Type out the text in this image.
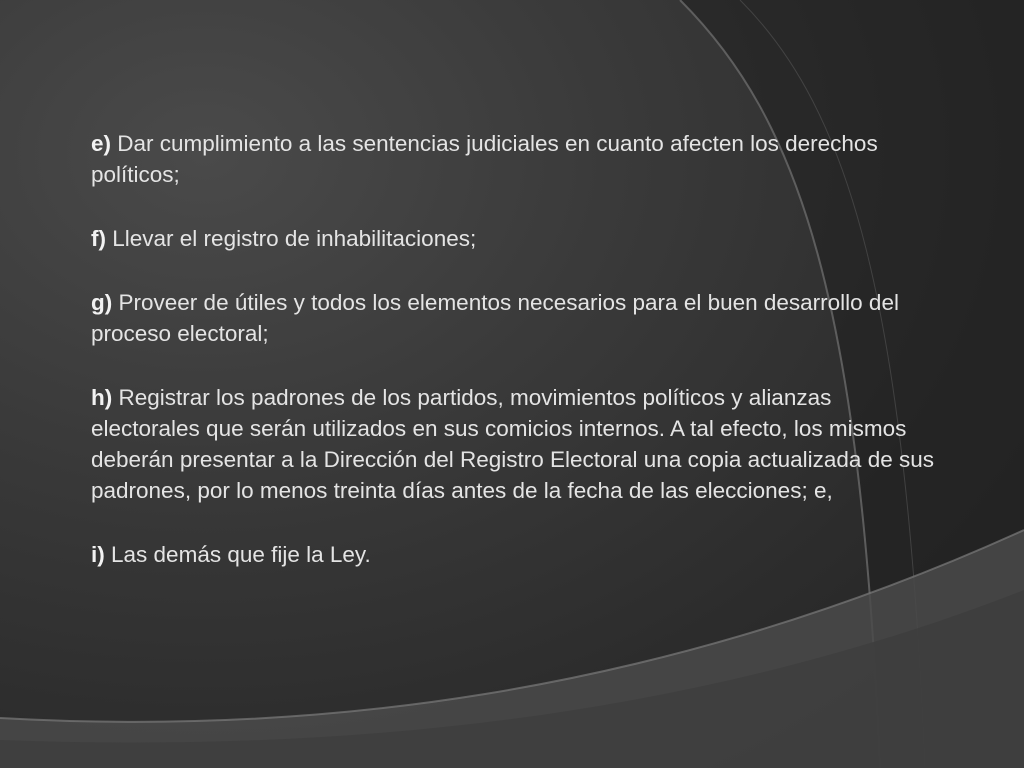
e) Dar cumplimiento a las sentencias judiciales en cuanto afecten los derechos políticos;

f) Llevar el registro de inhabilitaciones;

g) Proveer de útiles y todos los elementos necesarios para el buen desarrollo del proceso electoral;

h) Registrar los padrones de los partidos, movimientos políticos y alianzas electorales que serán utilizados en sus comicios internos. A tal efecto, los mismos deberán presentar a la Dirección del Registro Electoral una copia actualizada de sus padrones, por lo menos treinta días antes de la fecha de las elecciones; e,

i) Las demás que fije la Ley.
